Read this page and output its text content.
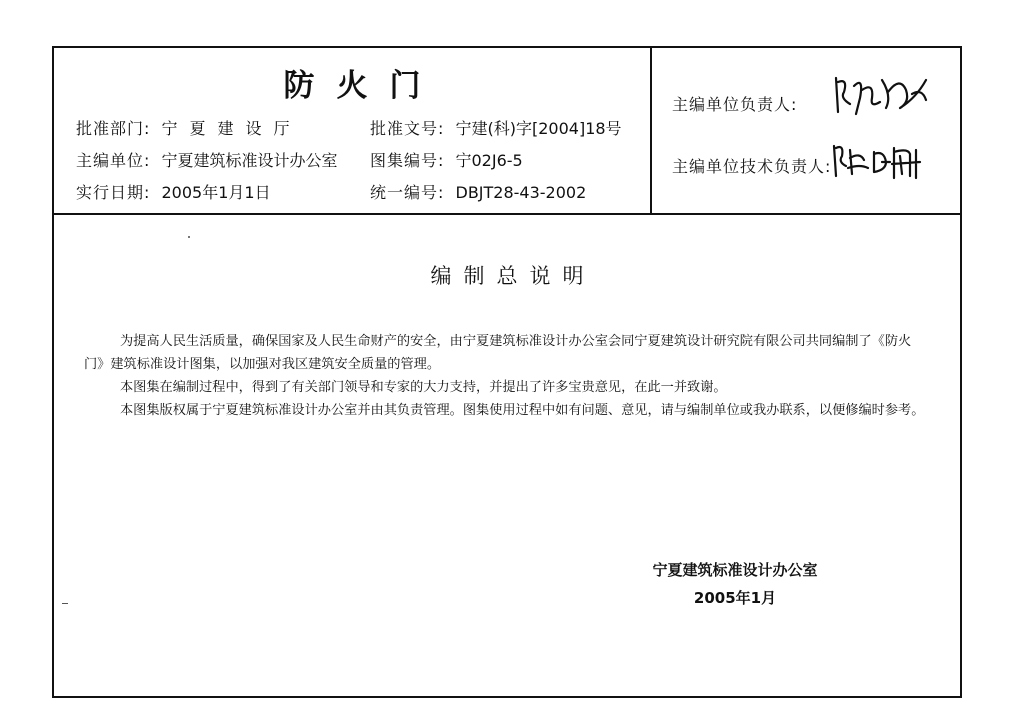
防火门
批准部门: 宁夏建设厅
主编单位: 宁夏建筑标准设计办公室
实行日期: 2005年1月1日
批准文号: 宁建(科)字[2004]18号
图集编号: 宁02J6-5
统一编号: DBJT28-43-2002
主编单位负责人:
主编单位技术负责人:
编制总说明

为提高人民生活质量，确保国家及人民生命财产的安全，由宁夏建筑标准设计办公室会同宁夏建筑设计研究院有限公司共同编制了《防火门》建筑标准设计图集，以加强对我区建筑安全质量的管理。

本图集在编制过程中，得到了有关部门领导和专家的大力支持，并提出了许多宝贵意见，在此一并致谢。

本图集版权属于宁夏建筑标准设计办公室并由其负责管理。图集使用过程中如有问题、意见，请与编制单位或我办联系，以便修编时参考。

宁夏建筑标准设计办公室
2005年1月
